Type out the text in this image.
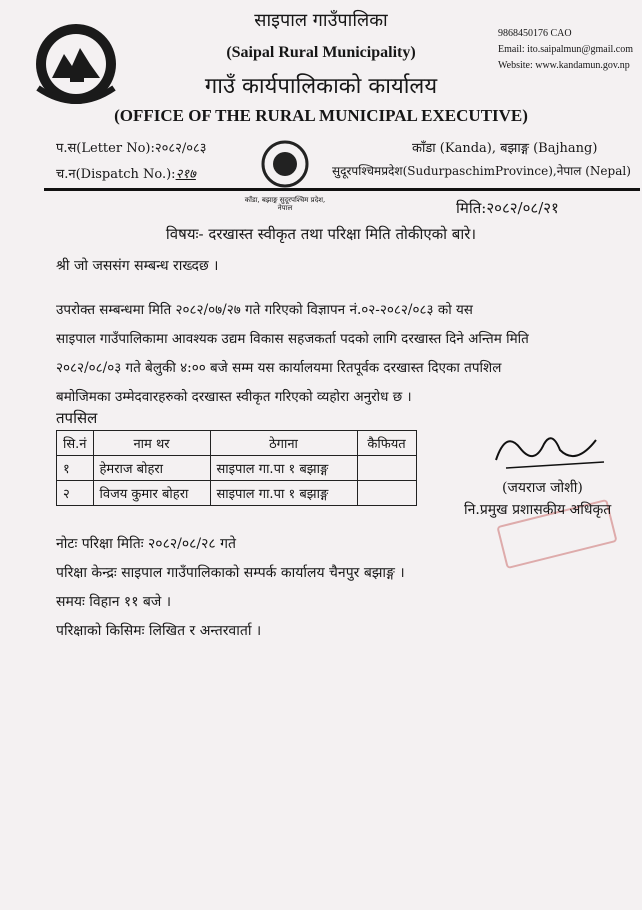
साइपाल गाउँपालिका
(Saipal Rural Municipality)
गाउँ कार्यपालिकाको कार्यालय
(OFFICE OF THE RURAL MUNICIPAL EXECUTIVE)
9868450176 CAO
Email: ito.saipalmun@gmail.com
Website: www.kandamun.gov.np
प.स(Letter No):२०८२/०८३
च.न(Dispatch No.):२१७
काँडा (Kanda), बझाङ्ग (Bajhang)
सुदूरपश्चिमप्रदेश(SudurpaschimProvince),नेपाल (Nepal)
काँडा, बझाङ्ग सुदूरपश्चिम प्रदेश, नेपाल	मिति:२०८२/०८/२१
विषयः- दरखास्त स्वीकृत तथा परिक्षा मिति तोकीएको बारे।
श्री जो जससंग सम्बन्ध राख्दछ ।
उपरोक्त सम्बन्धमा मिति २०८२/०७/२७ गते गरिएको विज्ञापन नं.०२-२०८२/०८३ को यस
साइपाल गाउँपालिकामा आवश्यक उद्यम विकास सहजकर्ता पदको लागि दरखास्त दिने अन्तिम मिति
२०८२/०८/०३ गते बेलुकी ४:०० बजे सम्म यस कार्यालयमा रितपूर्वक दरखास्त दिएका तपशिल
बमोजिमका उम्मेदवारहरुको दरखास्त स्वीकृत गरिएको व्यहोरा अनुरोध छ ।
तपसिल
सि.नं	नाम थर	ठेगाना	कैफियत
१	हेमराज बोहरा	साइपाल गा.पा १ बझाङ्ग	
२	विजय कुमार बोहरा	साइपाल गा.पा १ बझाङ्ग		(जयराज जोशी)
नि.प्रमुख प्रशासकीय अधिकृत
नोटः परिक्षा मितिः २०८२/०८/२८ गते
परिक्षा केन्द्रः साइपाल गाउँपालिकाको सम्पर्क कार्यालय चैनपुर बझाङ्ग ।
समयः विहान ११ बजे ।
परिक्षाको किसिमः लिखित र अन्तरवार्ता ।
